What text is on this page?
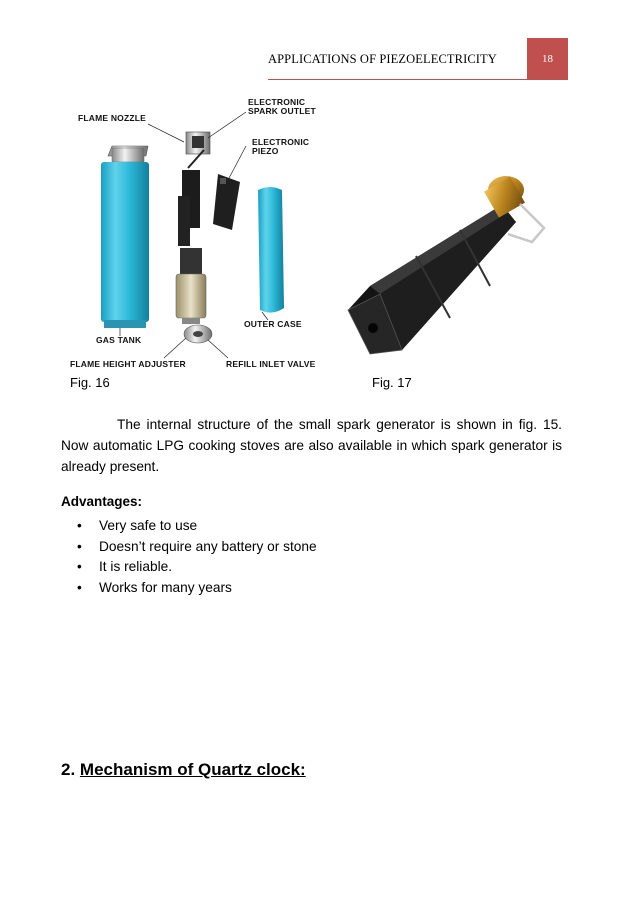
APPLICATIONS OF PIEZOELECTRICITY	18
FLAME NOZZLE
ELECTRONIC
SPARK OUTLET
ELECTRONIC
PIEZO
GAS TANK
OUTER CASE
FLAME HEIGHT ADJUSTER	REFILL INLET VALVE
Fig. 16	Fig. 17

The internal structure of the small spark generator is shown in fig. 15. Now automatic LPG cooking stoves are also available in which spark generator is already present.

Advantages:
• Very safe to use
• Doesn’t require any battery or stone
• It is reliable.
• Works for many years
2. Mechanism of Quartz clock:
